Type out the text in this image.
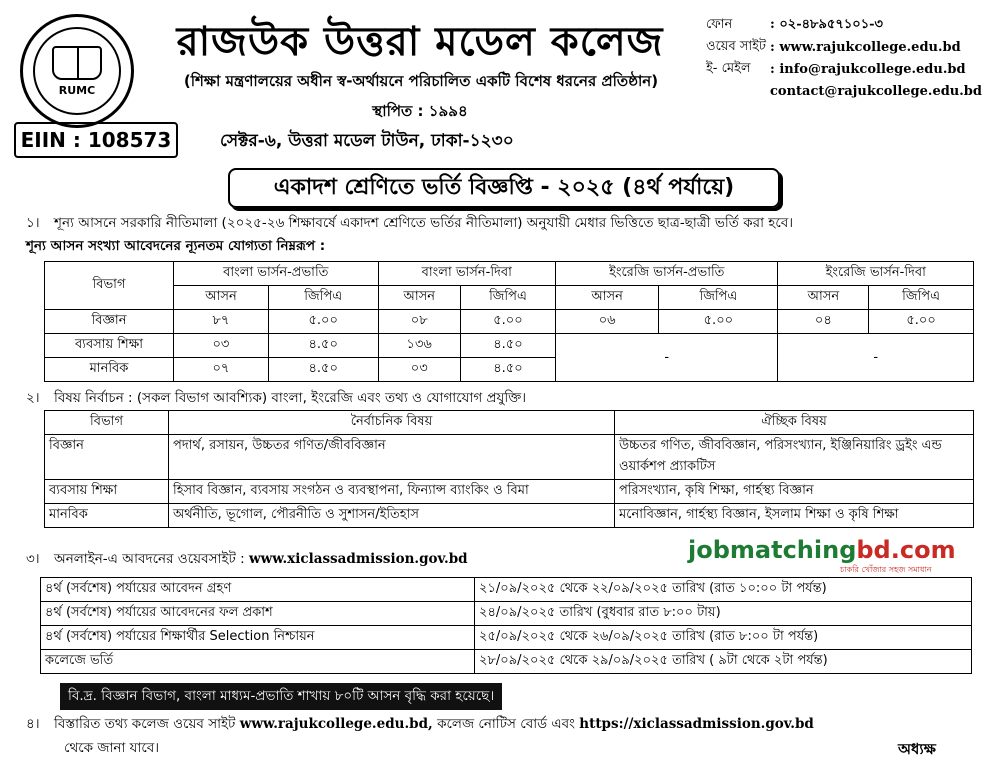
RUMC
রাজউক উত্তরা মডেল কলেজ
(শিক্ষা মন্ত্রণালয়ের অধীন স্ব-অর্থায়নে পরিচালিত একটি বিশেষ ধরনের প্রতিষ্ঠান)
স্থাপিত : ১৯৯৪
EIIN : 108573	সেক্টর-৬, উত্তরা মডেল টাউন, ঢাকা-১২৩০
ফোন	: ০২-৪৮৯৫৭১০১-৩
ওয়েব সাইট : www.rajukcollege.edu.bd
ই- মেইল	: info@rajukcollege.edu.bd
contact@rajukcollege.edu.bd
একাদশ শ্রেণিতে ভর্তি বিজ্ঞপ্তি - ২০২৫ (৪র্থ পর্যায়ে)
১। শূন্য আসনে সরকারি নীতিমালা (২০২৫-২৬ শিক্ষাবর্ষে একাদশ শ্রেণিতে ভর্তির নীতিমালা) অনুযায়ী মেধার ভিত্তিতে ছাত্র-ছাত্রী ভর্তি করা হবে।
শূন্য আসন সংখ্যা আবেদনের ন্যূনতম যোগ্যতা নিম্নরূপ :
বিভাগ	বাংলা ভার্সন-প্রভাতি		বাংলা ভার্সন-দিবা		ইংরেজি ভার্সন-প্রভাতি		ইংরেজি ভার্সন-দিবা	
	আসন	জিপিএ	আসন	জিপিএ	আসন	জিপিএ	আসন	জিপিএ
বিজ্ঞান	৮৭	৫.০০	০৮	৫.০০	০৬	৫.০০	০৪	৫.০০
ব্যবসায় শিক্ষা	০৩	৪.৫০	১৩৬	৪.৫০	-		-	
মানবিক	০৭	৪.৫০	০৩	৪.৫০				
২। বিষয় নির্বাচন : (সকল বিভাগ আবশ্যিক) বাংলা, ইংরেজি এবং তথ্য ও যোগাযোগ প্রযুক্তি।
বিভাগ	নৈর্বাচনিক বিষয়	ঐচ্ছিক বিষয়
বিজ্ঞান	পদার্থ, রসায়ন, উচ্চতর গণিত/জীববিজ্ঞান	উচ্চতর গণিত, জীববিজ্ঞান, পরিসংখ্যান, ইঞ্জিনিয়ারিং ড্রইং এন্ড ওয়ার্কশপ প্র্যাকটিস
ব্যবসায় শিক্ষা	হিসাব বিজ্ঞান, ব্যবসায় সংগঠন ও ব্যবস্থাপনা, ফিন্যান্স ব্যাংকিং ও বিমা	পরিসংখ্যান, কৃষি শিক্ষা, গার্হস্থ্য বিজ্ঞান
মানবিক	অর্থনীতি, ভূগোল, পৌরনীতি ও সুশাসন/ইতিহাস	মনোবিজ্ঞান, গার্হস্থ্য বিজ্ঞান, ইসলাম শিক্ষা ও কৃষি শিক্ষা
৩। অনলাইন-এ আবদনের ওয়েবসাইট : www.xiclassadmission.gov.bd	jobmatchingbd.com
চাকরি খোঁজার সহজ সমাধান
৪র্থ (সর্বশেষ) পর্যায়ের আবেদন গ্রহণ	২১/০৯/২০২৫ থেকে ২২/০৯/২০২৫ তারিখ (রাত ১০:০০ টা পর্যন্ত)
৪র্থ (সর্বশেষ) পর্যায়ের আবেদনের ফল প্রকাশ	২৪/০৯/২০২৫ তারিখ (বুধবার রাত ৮:০০ টায়)
৪র্থ (সর্বশেষ) পর্যায়ের শিক্ষার্থীর Selection নিশ্চায়ন	২৫/০৯/২০২৫ থেকে ২৬/০৯/২০২৫ তারিখ (রাত ৮:০০ টা পর্যন্ত)
কলেজে ভর্তি	২৮/০৯/২০২৫ থেকে ২৯/০৯/২০২৫ তারিখ ( ৯টা থেকে ২টা পর্যন্ত)
বি.দ্র. বিজ্ঞান বিভাগ, বাংলা মাধ্যম-প্রভাতি শাখায় ৮০টি আসন বৃদ্ধি করা হয়েছে।
৪। বিস্তারিত তথ্য কলেজ ওয়েব সাইট www.rajukcollege.edu.bd, কলেজ নোটিস বোর্ড এবং https://xiclassadmission.gov.bd
থেকে জানা যাবে।	অধ্যক্ষ
